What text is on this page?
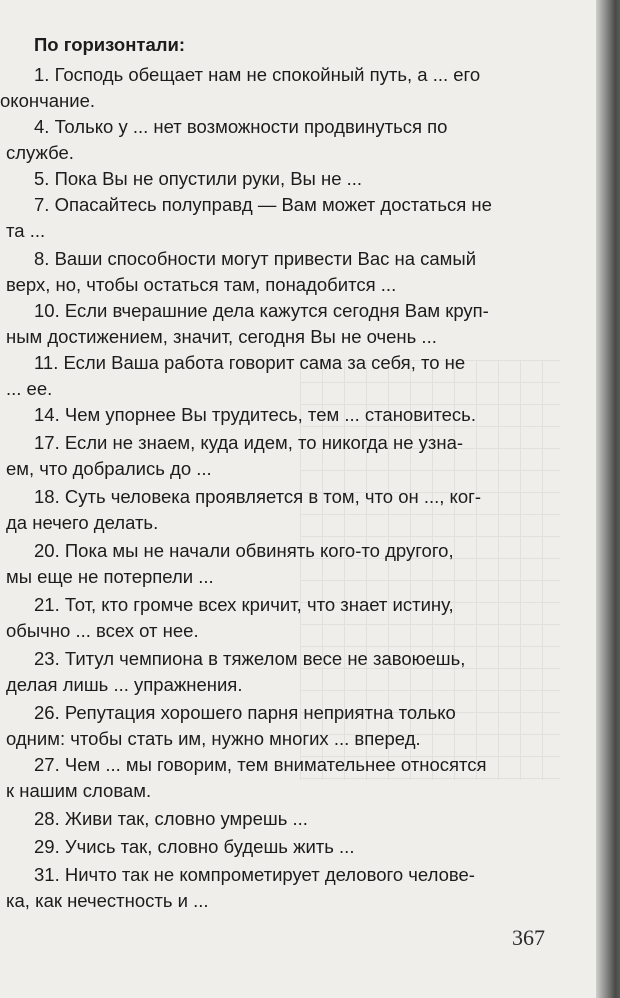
По горизонтали:
1. Господь обещает нам не спокойный путь, а ... его
окончание.
4. Только у ... нет возможности продвинуться по
службе.
5. Пока Вы не опустили руки, Вы не ...
7. Опасайтесь полуправд — Вам может достаться не
та ...
8. Ваши способности могут привести Вас на самый
верх, но, чтобы остаться там, понадобится ...
10. Если вчерашние дела кажутся сегодня Вам круп-
ным достижением, значит, сегодня Вы не очень ...
11. Если Ваша работа говорит сама за себя, то не
... ее.
14. Чем упорнее Вы трудитесь, тем ... становитесь.
17. Если не знаем, куда идем, то никогда не узна-
ем, что добрались до ...
18. Суть человека проявляется в том, что он ..., ког-
да нечего делать.
20. Пока мы не начали обвинять кого-то другого,
мы еще не потерпели ...
21. Тот, кто громче всех кричит, что знает истину,
обычно ... всех от нее.
23. Титул чемпиона в тяжелом весе не завоюешь,
делая лишь ... упражнения.
26. Репутация хорошего парня неприятна только
одним: чтобы стать им, нужно многих ... вперед.
27. Чем ... мы говорим, тем внимательнее относятся
к нашим словам.
28. Живи так, словно умрешь ...
29. Учись так, словно будешь жить ...
31. Ничто так не компрометирует делового челове-
ка, как нечестность и ...
367
